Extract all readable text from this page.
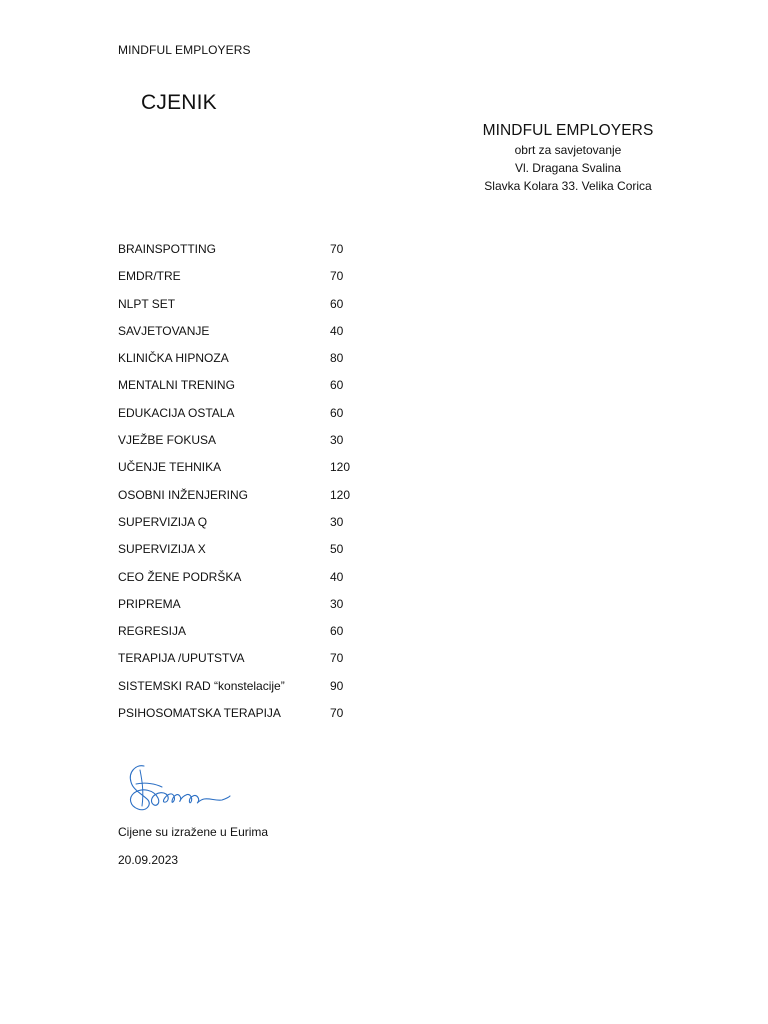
MINDFUL EMPLOYERS
CJENIK
MINDFUL EMPLOYERS
obrt za savjetovanje
Vl. Dragana Svalina
Slavka Kolara 33. Velika Corica
BRAINSPOTTING	70
EMDR/TRE	70
NLPT SET	60
SAVJETOVANJE	40
KLINIČKA HIPNOZA	80
MENTALNI TRENING	60
EDUKACIJA OSTALA	60
VJEŽBE FOKUSA	30
UČENJE TEHNIKA	120
OSOBNI INŽENJERING	120
SUPERVIZIJA Q	30
SUPERVIZIJA X	50
CEO ŽENE PODRŠKA	40
PRIPREMA	30
REGRESIJA	60
TERAPIJA /UPUTSTVA	70
SISTEMSKI RAD “konstelacije”	90
PSIHOSOMATSKA TERAPIJA	70
Cijene su izražene u Eurima
20.09.2023
